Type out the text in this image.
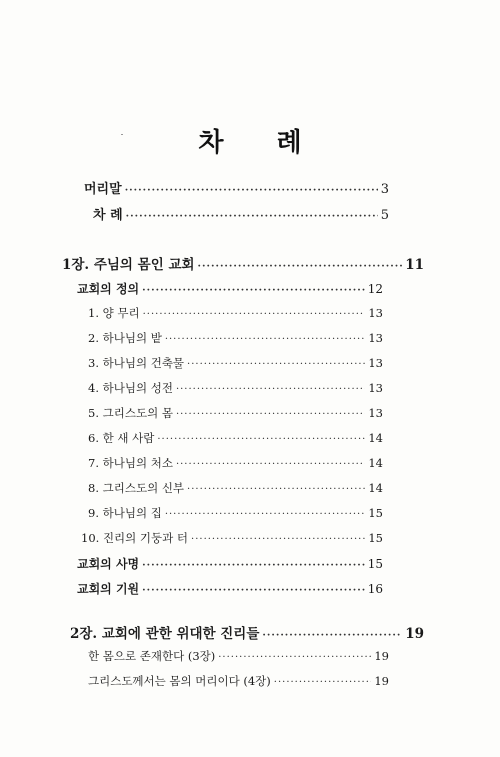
차 례
머리말 ·····	3
차 례 ·····	5
1장. 주님의 몸인 교회 ·····	11
교회의 정의 ·····	12
1. 양 무리 ·····	13
2. 하나님의 밭 ·····	13
3. 하나님의 건축물 ·····	13
4. 하나님의 성전 ·····	13
5. 그리스도의 몸 ·····	13
6. 한 새 사람 ·····	14
7. 하나님의 처소 ·····	14
8. 그리스도의 신부 ·····	14
9. 하나님의 집 ·····	15
10. 진리의 기둥과 터 ·····	15
교회의 사명 ·····	15
교회의 기원 ·····	16
2장. 교회에 관한 위대한 진리들 ·····	19
한 몸으로 존재한다 (3장) ·····	19
그리스도께서는 몸의 머리이다 (4장) ·····	19
